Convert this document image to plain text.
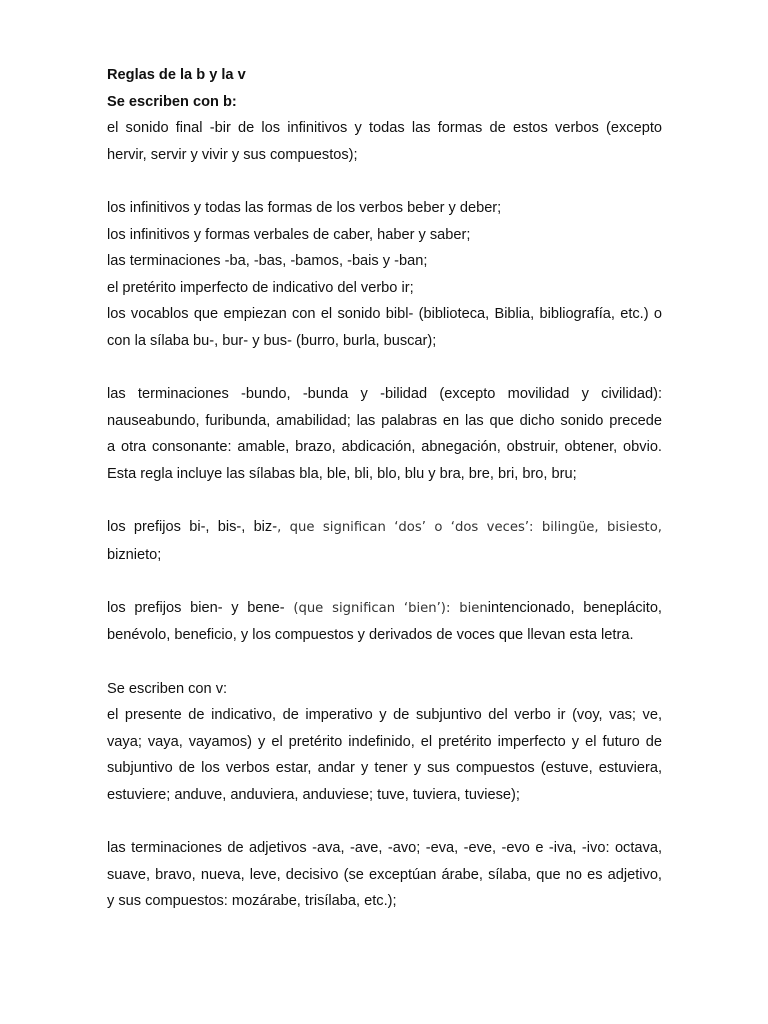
Reglas de la b y la v
Se escriben con b:
el sonido final -bir de los infinitivos y todas las formas de estos verbos (excepto
hervir, servir y vivir y sus compuestos);
los infinitivos y todas las formas de los verbos beber y deber;
los infinitivos y formas verbales de caber, haber y saber;
las terminaciones -ba, -bas, -bamos, -bais y -ban;
el pretérito imperfecto de indicativo del verbo ir;
los vocablos que empiezan con el sonido bibl- (biblioteca, Biblia, bibliografía, etc.) o
con la sílaba bu-, bur- y bus- (burro, burla, buscar);
las terminaciones -bundo, -bunda y -bilidad (excepto movilidad y civilidad):
nauseabundo, furibunda, amabilidad; las palabras en las que dicho sonido precede
a otra consonante: amable, brazo, abdicación, abnegación, obstruir, obtener, obvio.
Esta regla incluye las sílabas bla, ble, bli, blo, blu y bra, bre, bri, bro, bru;
los prefijos bi-, bis-, biz-, que significan ‘dos’ o ‘dos veces’: bilingüe, bisiesto,
biznieto;
los prefijos bien- y bene- (que significan ‘bien’): bienintencionado, beneplácito,
benévolo, beneficio, y los compuestos y derivados de voces que llevan esta letra.
Se escriben con v:
el presente de indicativo, de imperativo y de subjuntivo del verbo ir (voy, vas; ve,
vaya; vaya, vayamos) y el pretérito indefinido, el pretérito imperfecto y el futuro de
subjuntivo de los verbos estar, andar y tener y sus compuestos (estuve, estuviera,
estuviere; anduve, anduviera, anduviese; tuve, tuviera, tuviese);
las terminaciones de adjetivos -ava, -ave, -avo; -eva, -eve, -evo e -iva, -ivo: octava,
suave, bravo, nueva, leve, decisivo (se exceptúan árabe, sílaba, que no es adjetivo,
y sus compuestos: mozárabe, trisílaba, etc.);
